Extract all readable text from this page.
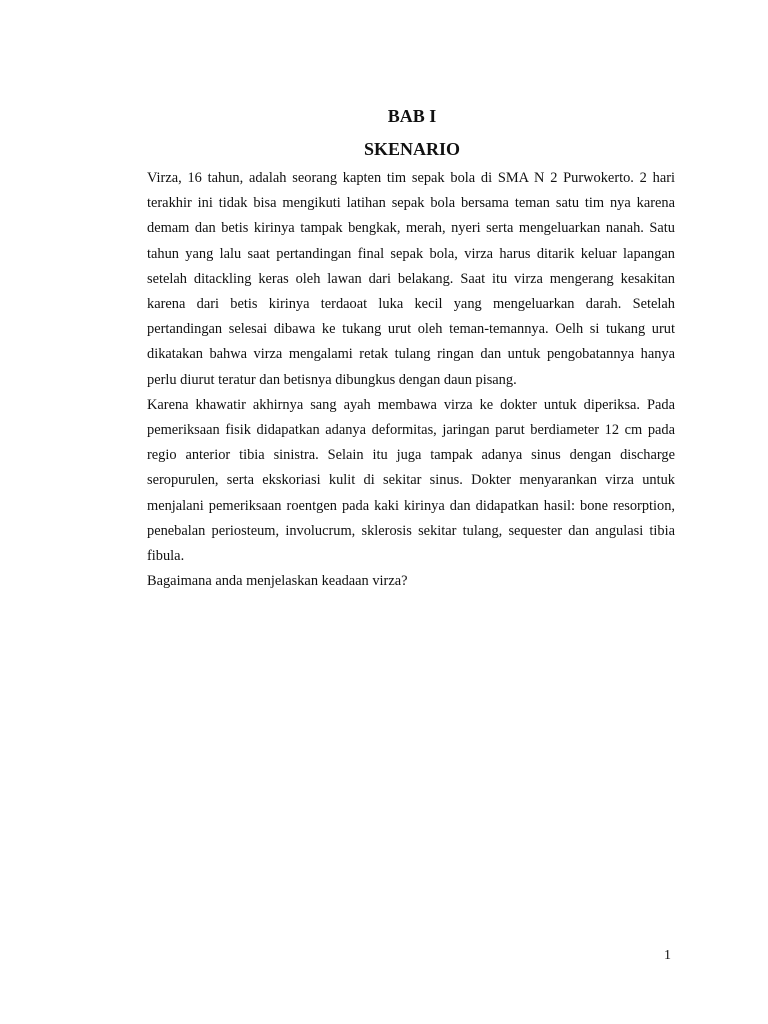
BAB I
SKENARIO

Virza, 16 tahun, adalah seorang kapten tim sepak bola di SMA N 2 Purwokerto. 2 hari terakhir ini tidak bisa mengikuti latihan sepak bola bersama teman satu tim nya karena demam dan betis kirinya tampak bengkak, merah, nyeri serta mengeluarkan nanah. Satu tahun yang lalu saat pertandingan final sepak bola, virza harus ditarik keluar lapangan setelah ditackling keras oleh lawan dari belakang. Saat itu virza mengerang kesakitan karena dari betis kirinya terdaoat luka kecil yang mengeluarkan darah. Setelah pertandingan selesai dibawa ke tukang urut oleh teman-temannya. Oelh si tukang urut dikatakan bahwa virza mengalami retak tulang ringan dan untuk pengobatannya hanya perlu diurut teratur dan betisnya dibungkus dengan daun pisang.

Karena khawatir akhirnya sang ayah membawa virza ke dokter untuk diperiksa. Pada pemeriksaan fisik didapatkan adanya deformitas, jaringan parut berdiameter 12 cm pada regio anterior tibia sinistra. Selain itu juga tampak adanya sinus dengan discharge seropurulen, serta ekskoriasi kulit di sekitar sinus. Dokter menyarankan virza untuk menjalani pemeriksaan roentgen pada kaki kirinya dan didapatkan hasil: bone resorption, penebalan periosteum, involucrum, sklerosis sekitar tulang, sequester dan angulasi tibia fibula.

Bagaimana anda menjelaskan keadaan virza?

1
